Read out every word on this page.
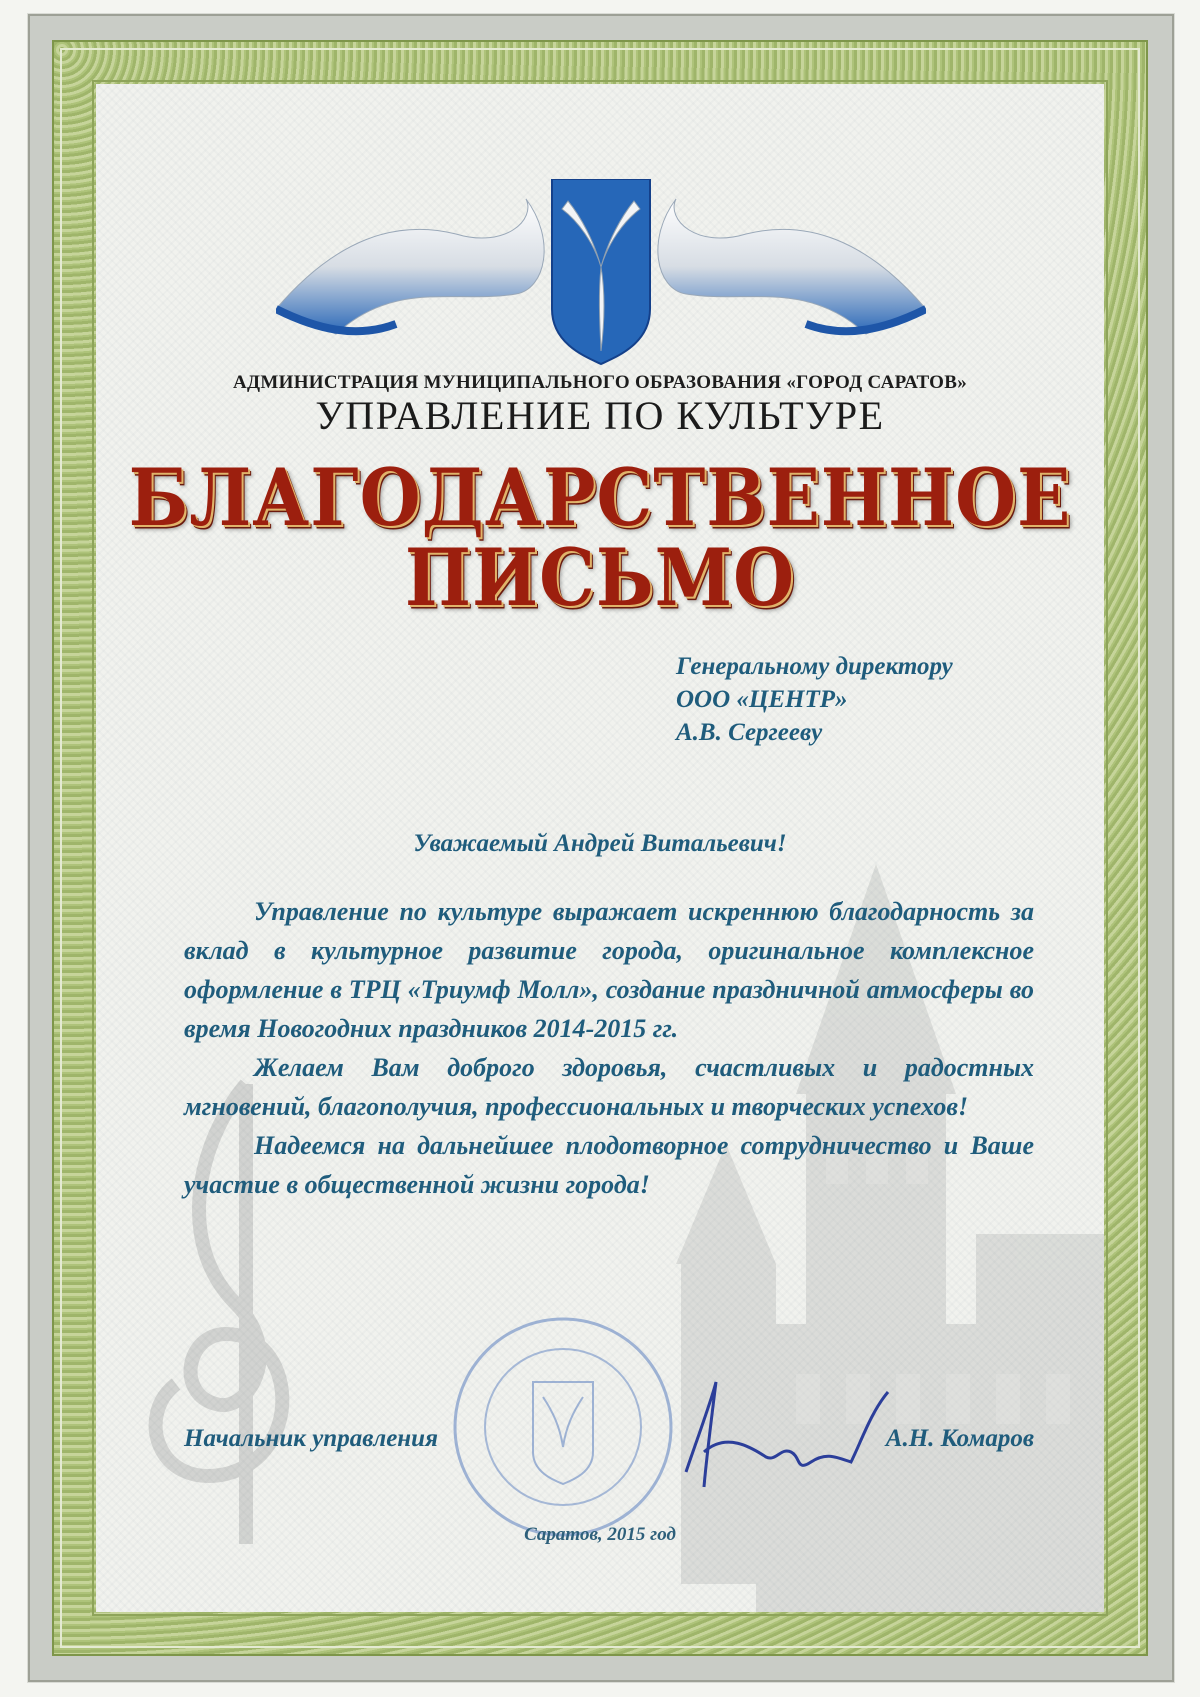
АДМИНИСТРАЦИЯ МУНИЦИПАЛЬНОГО ОБРАЗОВАНИЯ «ГОРОД САРАТОВ»
УПРАВЛЕНИЕ ПО КУЛЬТУРЕ
БЛАГОДАРСТВЕННОЕ
ПИСЬМО
Генеральному директору
ООО «ЦЕНТР»
А.В. Сергееву
Уважаемый Андрей Витальевич!

Управление по культуре выражает искреннюю благодарность за вклад в культурное развитие города, оригинальное комплексное оформление в ТРЦ «Триумф Молл», создание праздничной атмосферы во время Новогодних праздников 2014-2015 гг.

Желаем Вам доброго здоровья, счастливых и радостных мгновений, благополучия, профессиональных и творческих успехов!

Надеемся на дальнейшее плодотворное сотрудничество и Ваше участие в общественной жизни города!

Начальник управления	А.Н. Комаров
Саратов, 2015 год
